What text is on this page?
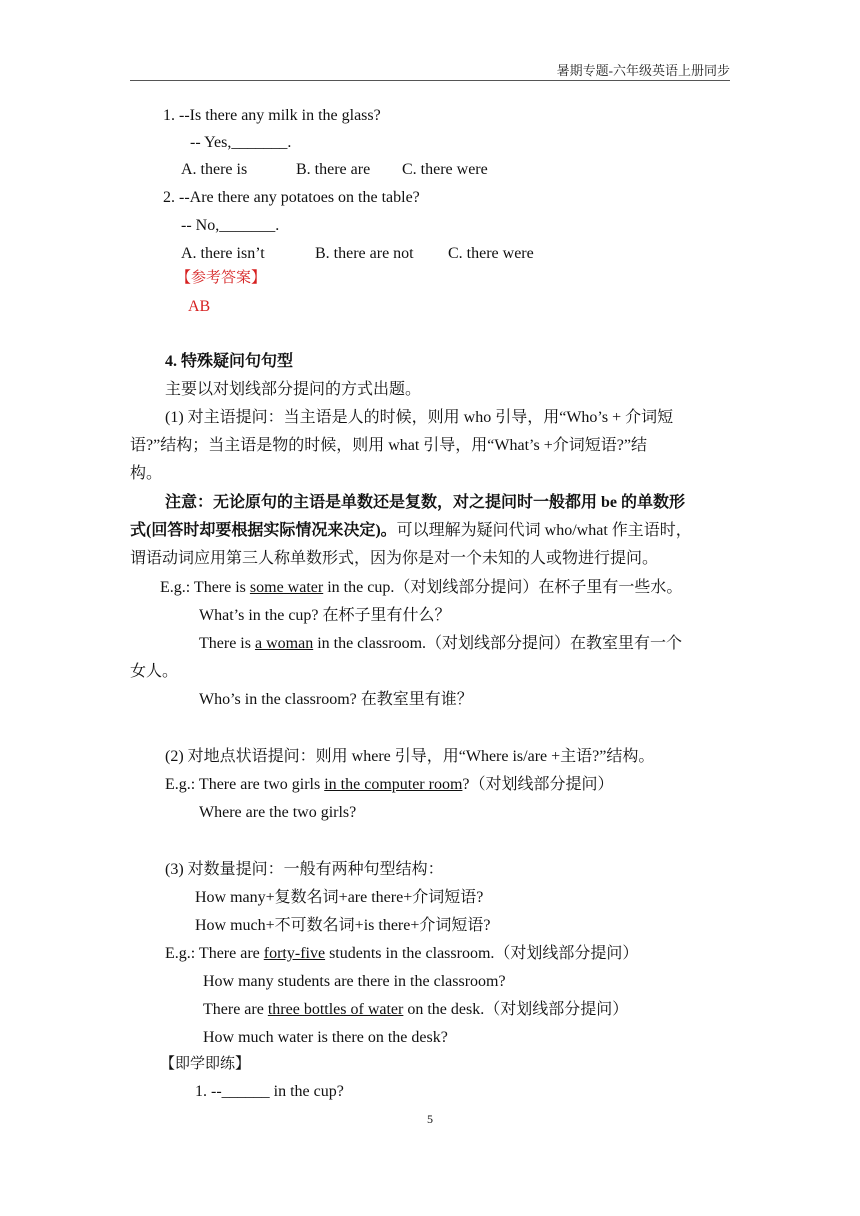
暑期专题-六年级英语上册同步
1. --Is there any milk in the glass?
-- Yes,_______.
A. there is	B. there are C. there were
2. --Are there any potatoes on the table?
-- No,_______.
A. there isn’t	B. there are not C. there were
【参考答案】
AB
4. 特殊疑问句句型
主要以对划线部分提问的方式出题。
(1) 对主语提问：当主语是人的时候，则用 who 引导，用“Who’s + 介词短
语?”结构；当主语是物的时候，则用 what 引导，用“What’s +介词短语?”结
构。
注意：无论原句的主语是单数还是复数，对之提问时一般都用 be 的单数形
式(回答时却要根据实际情况来决定)。可以理解为疑问代词 who/what 作主语时，
谓语动词应用第三人称单数形式，因为你是对一个未知的人或物进行提问。
E.g.: There is some water in the cup.（对划线部分提问）在杯子里有一些水。
What’s in the cup? 在杯子里有什么？
There is a woman in the classroom.（对划线部分提问）在教室里有一个
女人。
Who’s in the classroom? 在教室里有谁？
(2) 对地点状语提问：则用 where 引导，用“Where is/are +主语?”结构。
E.g.: There are two girls in the computer room?（对划线部分提问）
Where are the two girls?
(3) 对数量提问：一般有两种句型结构：
How many+复数名词+are there+介词短语?
How much+不可数名词+is there+介词短语?
E.g.: There are forty-five students in the classroom.（对划线部分提问）
How many students are there in the classroom?
There are three bottles of water on the desk.（对划线部分提问）
How much water is there on the desk?
【即学即练】
1. --______ in the cup?
5
